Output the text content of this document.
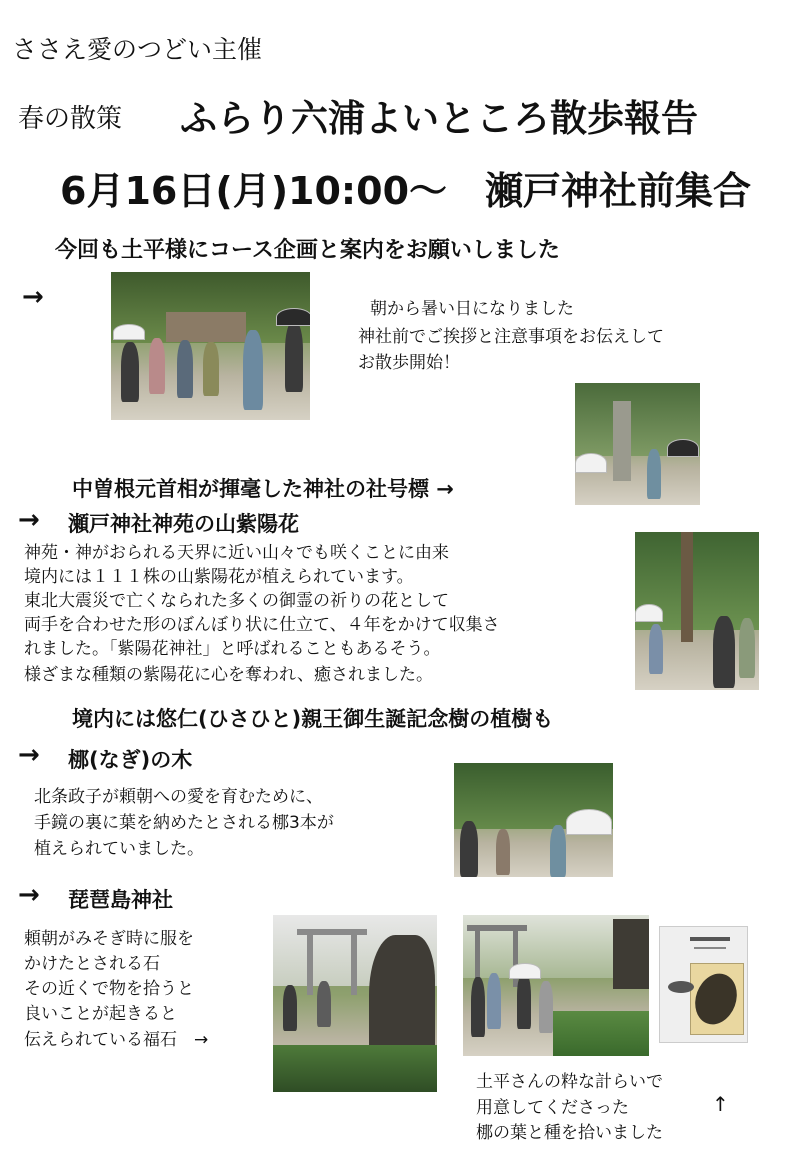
ささえ愛のつどい主催
春の散策 ふらり六浦よいところ散歩報告
6月16日(月)10:00～　瀬戸神社前集合
今回も土平様にコース企画と案内をお願いしました
→	朝から暑い日になりました
神社前でご挨拶と注意事項をお伝えして
お散歩開始！
中曽根元首相が揮毫した神社の社号標 →
→ 瀬戸神社神苑の山紫陽花
神苑・神がおられる天界に近い山々でも咲くことに由来
境内には１１１株の山紫陽花が植えられています。
東北大震災で亡くなられた多くの御霊の祈りの花として
両手を合わせた形のぼんぼり状に仕立て、４年をかけて収集さ
れました。「紫陽花神社」と呼ばれることもあるそう。
様ざまな種類の紫陽花に心を奪われ、癒されました。
境内には悠仁(ひさひと)親王御生誕記念樹の植樹も
→ 梛(なぎ)の木
北条政子が頼朝への愛を育むために、
手鏡の裏に葉を納めたとされる梛3本が
植えられていました。
→ 琵琶島神社
頼朝がみそぎ時に服を
かけたとされる石
その近くで物を拾うと
良いことが起きると
伝えられている福石　→
土平さんの粋な計らいで
用意してくださった	↑
梛の葉と種を拾いました
